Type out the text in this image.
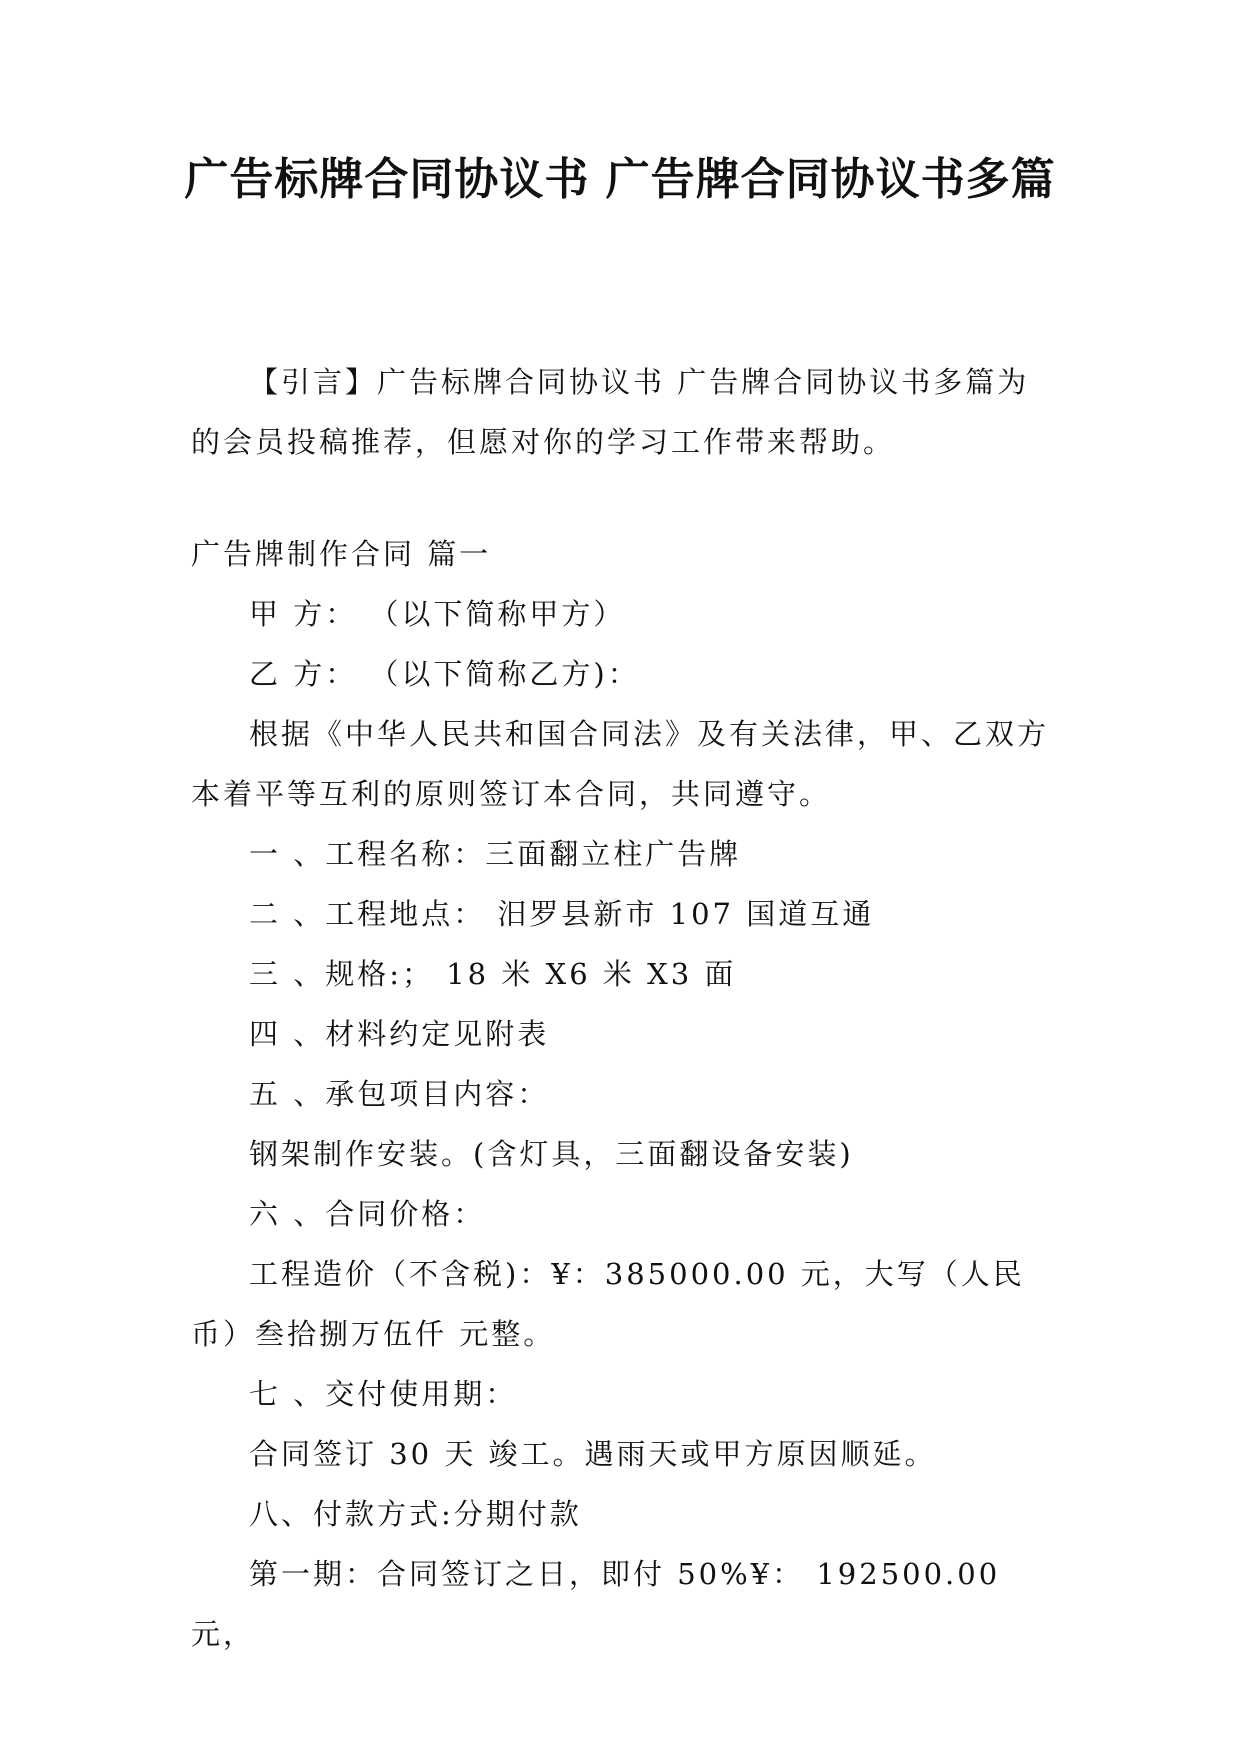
广告标牌合同协议书 广告牌合同协议书多篇

【引言】广告标牌合同协议书 广告牌合同协议书多篇为的会员投稿推荐，但愿对你的学习工作带来帮助。

广告牌制作合同 篇一

甲 方： （以下简称甲方）

乙 方： （以下简称乙方)：

根据《中华人民共和国合同法》及有关法律，甲、乙双方本着平等互利的原则签订本合同，共同遵守。

一 、工程名称：三面翻立柱广告牌

二 、工程地点： 汨罗县新市 107 国道互通

三 、规格:； 18 米 X6 米 X3 面

四 、材料约定见附表

五 、承包项目内容：

钢架制作安装。(含灯具，三面翻设备安装)

六 、合同价格：

工程造价（不含税)：¥：385000.00 元，大写（人民币）叁拾捌万伍仟 元整。

七 、交付使用期：

合同签订 30 天 竣工。遇雨天或甲方原因顺延。

八、付款方式:分期付款

第一期：合同签订之日，即付 50%¥： 192500.00 元，
